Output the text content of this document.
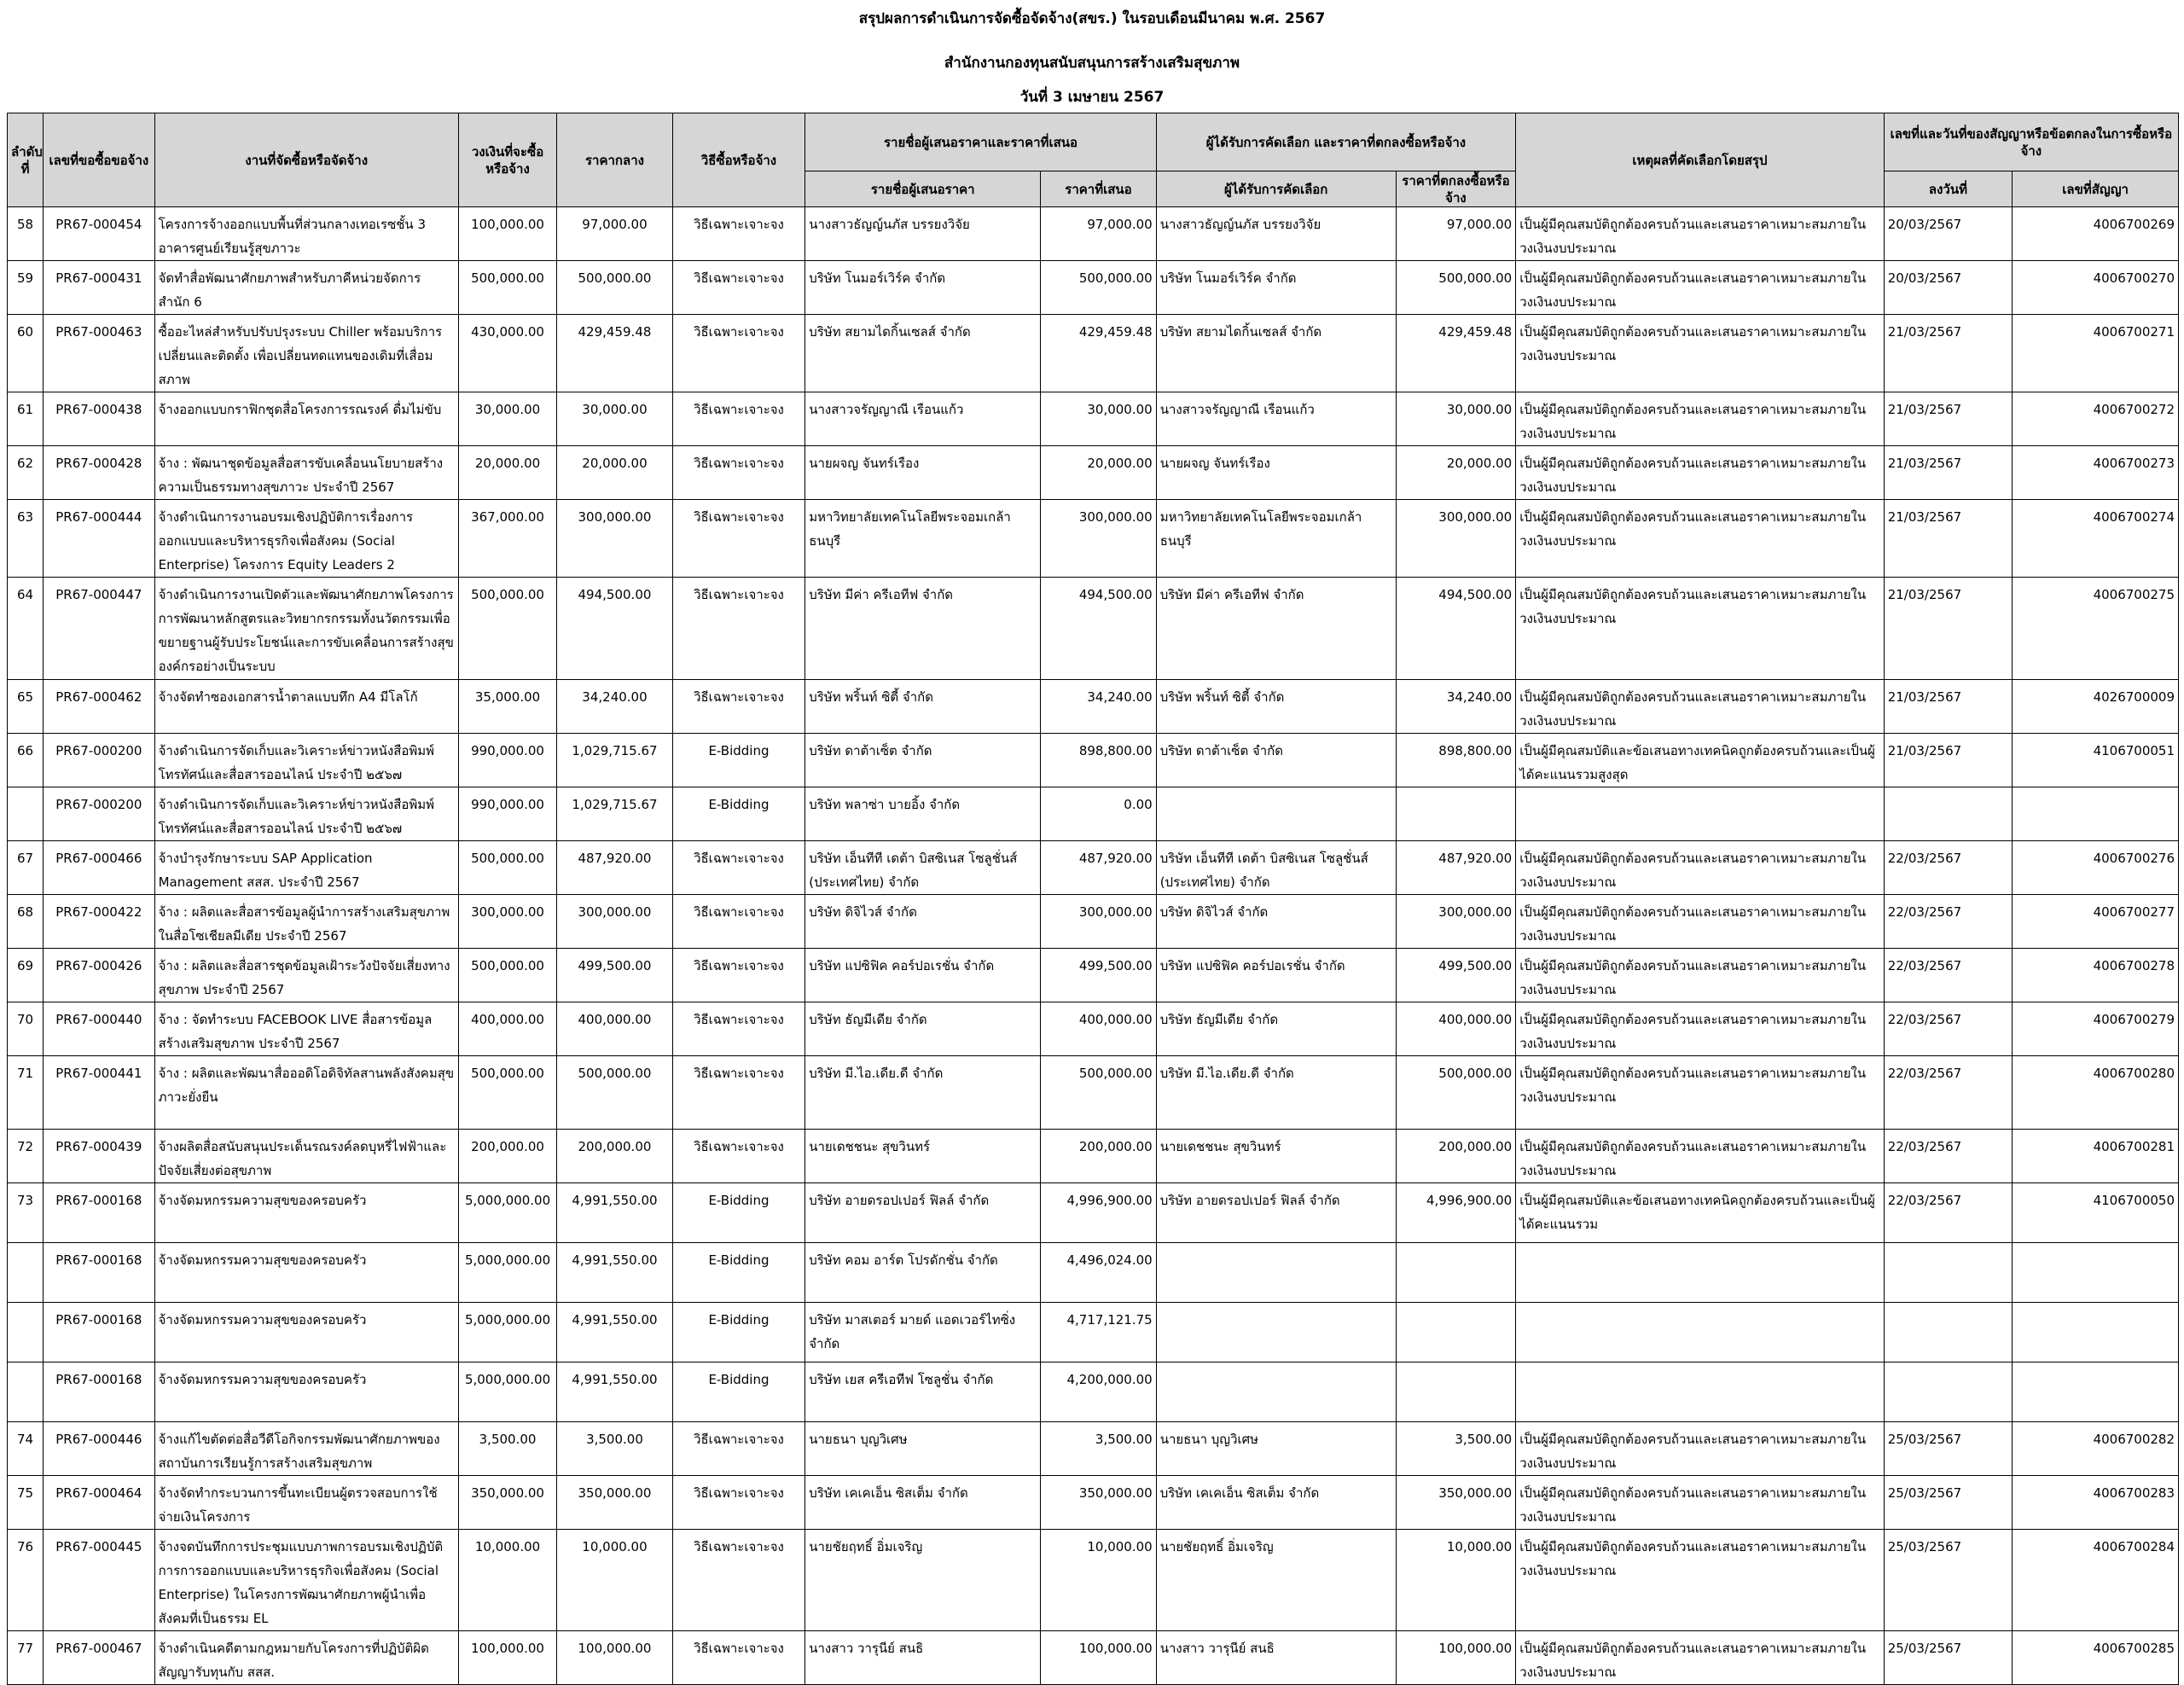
สรุปผลการดำเนินการจัดซื้อจัดจ้าง(สขร.) ในรอบเดือนมีนาคม พ.ศ. 2567
สำนักงานกองทุนสนับสนุนการสร้างเสริมสุขภาพ
วันที่ 3 เมษายน 2567
ลำดับที่	เลขที่ขอซื้อขอจ้าง	งานที่จัดซื้อหรือจัดจ้าง	วงเงินที่จะซื้อหรือจ้าง	ราคากลาง	วิธีซื้อหรือจ้าง	รายชื่อผู้เสนอราคาและราคาที่เสนอ		ผู้ได้รับการคัดเลือก และราคาที่ตกลงซื้อหรือจ้าง		เหตุผลที่คัดเลือกโดยสรุป	เลขที่และวันที่ของสัญญาหรือข้อตกลงในการซื้อหรือจ้าง	
						รายชื่อผู้เสนอราคา	ราคาที่เสนอ	ผู้ได้รับการคัดเลือก	ราคาที่ตกลงซื้อหรือจ้าง		ลงวันที่	เลขที่สัญญา
58	PR67-000454	โครงการจ้างออกแบบพื้นที่ส่วนกลางเทอเรซชั้น 3 อาคารศูนย์เรียนรู้สุขภาวะ	100,000.00	97,000.00	วิธีเฉพาะเจาะจง	นางสาวธัญญ์นภัส บรรยงวิจัย	97,000.00	นางสาวธัญญ์นภัส บรรยงวิจัย	97,000.00	เป็นผู้มีคุณสมบัติถูกต้องครบถ้วนและเสนอราคาเหมาะสมภายในวงเงินงบประมาณ	20/03/2567	4006700269
59	PR67-000431	จัดทำสื่อพัฒนาศักยภาพสำหรับภาคีหน่วยจัดการ สำนัก 6	500,000.00	500,000.00	วิธีเฉพาะเจาะจง	บริษัท โนมอร์เวิร์ค จำกัด	500,000.00	บริษัท โนมอร์เวิร์ค จำกัด	500,000.00	เป็นผู้มีคุณสมบัติถูกต้องครบถ้วนและเสนอราคาเหมาะสมภายในวงเงินงบประมาณ	20/03/2567	4006700270
60	PR67-000463	ซื้ออะไหล่สำหรับปรับปรุงระบบ Chiller พร้อมบริการเปลี่ยนและติดตั้ง เพื่อเปลี่ยนทดแทนของเดิมที่เสื่อมสภาพ	430,000.00	429,459.48	วิธีเฉพาะเจาะจง	บริษัท สยามไดกิ้นเซลส์ จำกัด	429,459.48	บริษัท สยามไดกิ้นเซลส์ จำกัด	429,459.48	เป็นผู้มีคุณสมบัติถูกต้องครบถ้วนและเสนอราคาเหมาะสมภายในวงเงินงบประมาณ	21/03/2567	4006700271
61	PR67-000438	จ้างออกแบบกราฟิกชุดสื่อโครงการรณรงค์ ดื่มไม่ขับ	30,000.00	30,000.00	วิธีเฉพาะเจาะจง	นางสาวจรัญญาณี เรือนแก้ว	30,000.00	นางสาวจรัญญาณี เรือนแก้ว	30,000.00	เป็นผู้มีคุณสมบัติถูกต้องครบถ้วนและเสนอราคาเหมาะสมภายในวงเงินงบประมาณ	21/03/2567	4006700272
62	PR67-000428	จ้าง : พัฒนาชุดข้อมูลสื่อสารขับเคลื่อนนโยบายสร้างความเป็นธรรมทางสุขภาวะ ประจำปี 2567	20,000.00	20,000.00	วิธีเฉพาะเจาะจง	นายผจญ จันทร์เรือง	20,000.00	นายผจญ จันทร์เรือง	20,000.00	เป็นผู้มีคุณสมบัติถูกต้องครบถ้วนและเสนอราคาเหมาะสมภายในวงเงินงบประมาณ	21/03/2567	4006700273
63	PR67-000444	จ้างดำเนินการงานอบรมเชิงปฏิบัติการเรื่องการออกแบบและบริหารธุรกิจเพื่อสังคม (Social Enterprise) โครงการ Equity Leaders 2	367,000.00	300,000.00	วิธีเฉพาะเจาะจง	มหาวิทยาลัยเทคโนโลยีพระจอมเกล้าธนบุรี	300,000.00	มหาวิทยาลัยเทคโนโลยีพระจอมเกล้าธนบุรี	300,000.00	เป็นผู้มีคุณสมบัติถูกต้องครบถ้วนและเสนอราคาเหมาะสมภายในวงเงินงบประมาณ	21/03/2567	4006700274
64	PR67-000447	จ้างดำเนินการงานเปิดตัวและพัฒนาศักยภาพโครงการการพัฒนาหลักสูตรและวิทยากรกรรมทั้งนวัตกรรมเพื่อขยายฐานผู้รับประโยชน์และการขับเคลื่อนการสร้างสุของค์กรอย่างเป็นระบบ	500,000.00	494,500.00	วิธีเฉพาะเจาะจง	บริษัท มีค่า ครีเอทีฟ จำกัด	494,500.00	บริษัท มีค่า ครีเอทีฟ จำกัด	494,500.00	เป็นผู้มีคุณสมบัติถูกต้องครบถ้วนและเสนอราคาเหมาะสมภายในวงเงินงบประมาณ	21/03/2567	4006700275
65	PR67-000462	จ้างจัดทำซองเอกสารน้ำตาลแบบทึก A4 มีโลโก้	35,000.00	34,240.00	วิธีเฉพาะเจาะจง	บริษัท พริ้นท์ ซิตี้ จำกัด	34,240.00	บริษัท พริ้นท์ ซิตี้ จำกัด	34,240.00	เป็นผู้มีคุณสมบัติถูกต้องครบถ้วนและเสนอราคาเหมาะสมภายในวงเงินงบประมาณ	21/03/2567	4026700009
66	PR67-000200	จ้างดำเนินการจัดเก็บและวิเคราะห์ข่าวหนังสือพิมพ์ โทรทัศน์และสื่อสารออนไลน์ ประจำปี ๒๕๖๗	990,000.00	1,029,715.67	E-Bidding	บริษัท ดาต้าเซ็ต จำกัด	898,800.00	บริษัท ดาต้าเซ็ต จำกัด	898,800.00	เป็นผู้มีคุณสมบัติและข้อเสนอทางเทคนิคถูกต้องครบถ้วนและเป็นผู้ได้คะแนนรวมสูงสุด	21/03/2567	4106700051
	PR67-000200	จ้างดำเนินการจัดเก็บและวิเคราะห์ข่าวหนังสือพิมพ์ โทรทัศน์และสื่อสารออนไลน์ ประจำปี ๒๕๖๗	990,000.00	1,029,715.67	E-Bidding	บริษัท พลาซ่า บายอิ้ง จำกัด	0.00					
67	PR67-000466	จ้างบำรุงรักษาระบบ SAP Application Management สสส. ประจำปี 2567	500,000.00	487,920.00	วิธีเฉพาะเจาะจง	บริษัท เอ็นทีที เดต้า บิสซิเนส โซลูชั่นส์ (ประเทศไทย) จำกัด	487,920.00	บริษัท เอ็นทีที เดต้า บิสซิเนส โซลูชั่นส์ (ประเทศไทย) จำกัด	487,920.00	เป็นผู้มีคุณสมบัติถูกต้องครบถ้วนและเสนอราคาเหมาะสมภายในวงเงินงบประมาณ	22/03/2567	4006700276
68	PR67-000422	จ้าง : ผลิตและสื่อสารข้อมูลผู้นำการสร้างเสริมสุขภาพในสื่อโซเชียลมีเดีย ประจำปี 2567	300,000.00	300,000.00	วิธีเฉพาะเจาะจง	บริษัท ดิจิไวส์ จำกัด	300,000.00	บริษัท ดิจิไวส์ จำกัด	300,000.00	เป็นผู้มีคุณสมบัติถูกต้องครบถ้วนและเสนอราคาเหมาะสมภายในวงเงินงบประมาณ	22/03/2567	4006700277
69	PR67-000426	จ้าง : ผลิตและสื่อสารชุดข้อมูลเฝ้าระวังปัจจัยเสี่ยงทางสุขภาพ ประจำปี 2567	500,000.00	499,500.00	วิธีเฉพาะเจาะจง	บริษัท แปซิฟิค คอร์ปอเรชั่น จำกัด	499,500.00	บริษัท แปซิฟิค คอร์ปอเรชั่น จำกัด	499,500.00	เป็นผู้มีคุณสมบัติถูกต้องครบถ้วนและเสนอราคาเหมาะสมภายในวงเงินงบประมาณ	22/03/2567	4006700278
70	PR67-000440	จ้าง : จัดทำระบบ FACEBOOK LIVE สื่อสารข้อมูลสร้างเสริมสุขภาพ ประจำปี 2567	400,000.00	400,000.00	วิธีเฉพาะเจาะจง	บริษัท ธัญมีเดีย จำกัด	400,000.00	บริษัท ธัญมีเดีย จำกัด	400,000.00	เป็นผู้มีคุณสมบัติถูกต้องครบถ้วนและเสนอราคาเหมาะสมภายในวงเงินงบประมาณ	22/03/2567	4006700279
71	PR67-000441	จ้าง : ผลิตและพัฒนาสื่อออดิโอดิจิทัลสานพลังสังคมสุขภาวะยั่งยืน	500,000.00	500,000.00	วิธีเฉพาะเจาะจง	บริษัท มี.ไอ.เดีย.ดี จำกัด	500,000.00	บริษัท มี.ไอ.เดีย.ดี จำกัด	500,000.00	เป็นผู้มีคุณสมบัติถูกต้องครบถ้วนและเสนอราคาเหมาะสมภายในวงเงินงบประมาณ	22/03/2567	4006700280
72	PR67-000439	จ้างผลิตสื่อสนับสนุนประเด็นรณรงค์ลดบุหรี่ไฟฟ้าและปัจจัยเสี่ยงต่อสุขภาพ	200,000.00	200,000.00	วิธีเฉพาะเจาะจง	นายเดชชนะ สุขวินทร์	200,000.00	นายเดชชนะ สุขวินทร์	200,000.00	เป็นผู้มีคุณสมบัติถูกต้องครบถ้วนและเสนอราคาเหมาะสมภายในวงเงินงบประมาณ	22/03/2567	4006700281
73	PR67-000168	จ้างจัดมหกรรมความสุขของครอบครัว	5,000,000.00	4,991,550.00	E-Bidding	บริษัท อายดรอปเปอร์ ฟิลล์ จำกัด	4,996,900.00	บริษัท อายดรอปเปอร์ ฟิลล์ จำกัด	4,996,900.00	เป็นผู้มีคุณสมบัติและข้อเสนอทางเทคนิคถูกต้องครบถ้วนและเป็นผู้ได้คะแนนรวม	22/03/2567	4106700050
	PR67-000168	จ้างจัดมหกรรมความสุขของครอบครัว	5,000,000.00	4,991,550.00	E-Bidding	บริษัท คอม อาร์ต โปรดักชั่น จำกัด	4,496,024.00					
	PR67-000168	จ้างจัดมหกรรมความสุขของครอบครัว	5,000,000.00	4,991,550.00	E-Bidding	บริษัท มาสเตอร์ มายด์ แอดเวอร์ไทซิ่ง จำกัด	4,717,121.75					
	PR67-000168	จ้างจัดมหกรรมความสุขของครอบครัว	5,000,000.00	4,991,550.00	E-Bidding	บริษัท เยส ครีเอทีฟ โซลูชั่น จำกัด	4,200,000.00					
74	PR67-000446	จ้างแก้ไขตัดต่อสื่อวีดีโอกิจกรรมพัฒนาศักยภาพของสถาบันการเรียนรู้การสร้างเสริมสุขภาพ	3,500.00	3,500.00	วิธีเฉพาะเจาะจง	นายธนา บุญวิเศษ	3,500.00	นายธนา บุญวิเศษ	3,500.00	เป็นผู้มีคุณสมบัติถูกต้องครบถ้วนและเสนอราคาเหมาะสมภายในวงเงินงบประมาณ	25/03/2567	4006700282
75	PR67-000464	จ้างจัดทำกระบวนการขึ้นทะเบียนผู้ตรวจสอบการใช้จ่ายเงินโครงการ	350,000.00	350,000.00	วิธีเฉพาะเจาะจง	บริษัท เคเคเอ็น ซิสเต็ม จำกัด	350,000.00	บริษัท เคเคเอ็น ซิสเต็ม จำกัด	350,000.00	เป็นผู้มีคุณสมบัติถูกต้องครบถ้วนและเสนอราคาเหมาะสมภายในวงเงินงบประมาณ	25/03/2567	4006700283
76	PR67-000445	จ้างจดบันทึกการประชุมแบบภาพการอบรมเชิงปฏิบัติการการออกแบบและบริหารธุรกิจเพื่อสังคม (Social Enterprise) ในโครงการพัฒนาศักยภาพผู้นำเพื่อสังคมที่เป็นธรรม EL	10,000.00	10,000.00	วิธีเฉพาะเจาะจง	นายชัยฤทธิ์ อิ่มเจริญ	10,000.00	นายชัยฤทธิ์ อิ่มเจริญ	10,000.00	เป็นผู้มีคุณสมบัติถูกต้องครบถ้วนและเสนอราคาเหมาะสมภายในวงเงินงบประมาณ	25/03/2567	4006700284
77	PR67-000467	จ้างดำเนินคดีตามกฎหมายกับโครงการที่ปฏิบัติผิดสัญญารับทุนกับ สสส.	100,000.00	100,000.00	วิธีเฉพาะเจาะจง	นางสาว วารุนีย์ สนธิ	100,000.00	นางสาว วารุนีย์ สนธิ	100,000.00	เป็นผู้มีคุณสมบัติถูกต้องครบถ้วนและเสนอราคาเหมาะสมภายในวงเงินงบประมาณ	25/03/2567	4006700285
